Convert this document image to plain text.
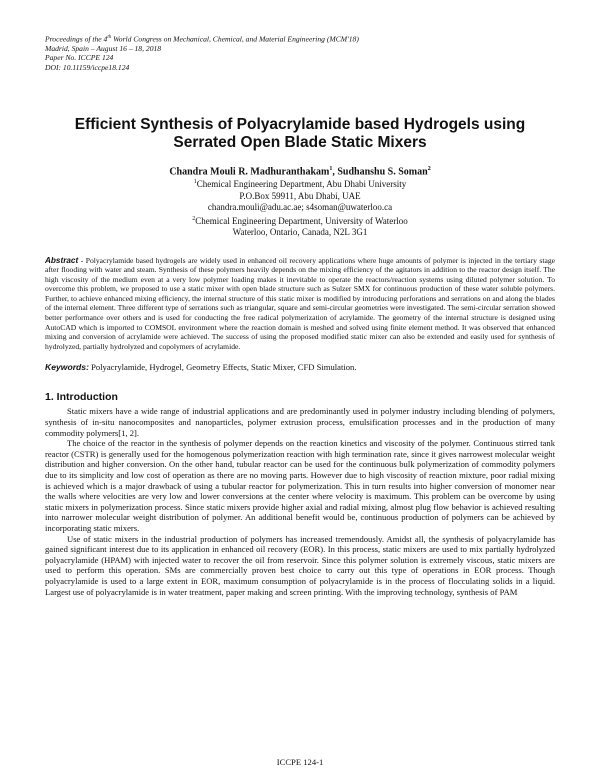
Proceedings of the 4th World Congress on Mechanical, Chemical, and Material Engineering (MCM'18)
Madrid, Spain – August 16 – 18, 2018
Paper No. ICCPE 124
DOI: 10.11159/iccpe18.124
Efficient Synthesis of Polyacrylamide based Hydrogels using Serrated Open Blade Static Mixers
Chandra Mouli R. Madhuranthakam$^1$, Sudhanshu S. Soman$^2$
$^1$Chemical Engineering Department, Abu Dhabi University
P.O.Box 59911, Abu Dhabi, UAE
chandra.mouli@adu.ac.ae; s4soman@uwaterloo.ca
$^2$Chemical Engineering Department, University of Waterloo
Waterloo, Ontario, Canada, N2L 3G1
Abstract - Polyacrylamide based hydrogels are widely used in enhanced oil recovery applications where huge amounts of polymer is injected in the tertiary stage after flooding with water and steam. Synthesis of these polymers heavily depends on the mixing efficiency of the agitators in addition to the reactor design itself. The high viscosity of the medium even at a very low polymer loading makes it inevitable to operate the reactors/reaction systems using diluted polymer solution. To overcome this problem, we proposed to use a static mixer with open blade structure such as Sulzer SMX for continuous production of these water soluble polymers. Further, to achieve enhanced mixing efficiency, the internal structure of this static mixer is modified by introducing perforations and serrations on and along the blades of the internal element. Three different type of serrations such as triangular, square and semi-circular geometries were investigated. The semi-circular serration showed better performance over others and is used for conducting the free radical polymerization of acrylamide. The geometry of the internal structure is designed using AutoCAD which is imported to COMSOL environment where the reaction domain is meshed and solved using finite element method. It was observed that enhanced mixing and conversion of acrylamide were achieved. The success of using the proposed modified static mixer can also be extended and easily used for synthesis of hydrolyzed, partially hydrolyzed and copolymers of acrylamide.
Keywords: Polyacrylamide, Hydrogel, Geometry Effects, Static Mixer, CFD Simulation.
1. Introduction

Static mixers have a wide range of industrial applications and are predominantly used in polymer industry including blending of polymers, synthesis of in-situ nanocomposites and nanoparticles, polymer extrusion process, emulsification processes and in the production of many commodity polymers[1, 2].

The choice of the reactor in the synthesis of polymer depends on the reaction kinetics and viscosity of the polymer. Continuous stirred tank reactor (CSTR) is generally used for the homogenous polymerization reaction with high termination rate, since it gives narrowest molecular weight distribution and higher conversion. On the other hand, tubular reactor can be used for the continuous bulk polymerization of commodity polymers due to its simplicity and low cost of operation as there are no moving parts. However due to high viscosity of reaction mixture, poor radial mixing is achieved which is a major drawback of using a tubular reactor for polymerization. This in turn results into higher conversion of monomer near the walls where velocities are very low and lower conversions at the center where velocity is maximum. This problem can be overcome by using static mixers in polymerization process. Since static mixers provide higher axial and radial mixing, almost plug flow behavior is achieved resulting into narrower molecular weight distribution of polymer. An additional benefit would be, continuous production of polymers can be achieved by incorporating static mixers.

Use of static mixers in the industrial production of polymers has increased tremendously. Amidst all, the synthesis of polyacrylamide has gained significant interest due to its application in enhanced oil recovery (EOR). In this process, static mixers are used to mix partially hydrolyzed polyacrylamide (HPAM) with injected water to recover the oil from reservoir. Since this polymer solution is extremely viscous, static mixers are used to perform this operation. SMs are commercially proven best choice to carry out this type of operations in EOR process. Though polyacrylamide is used to a large extent in EOR, maximum consumption of polyacrylamide is in the process of flocculating solids in a liquid. Largest use of polyacrylamide is in water treatment, paper making and screen printing. With the improving technology, synthesis of PAM

ICCPE 124-1
